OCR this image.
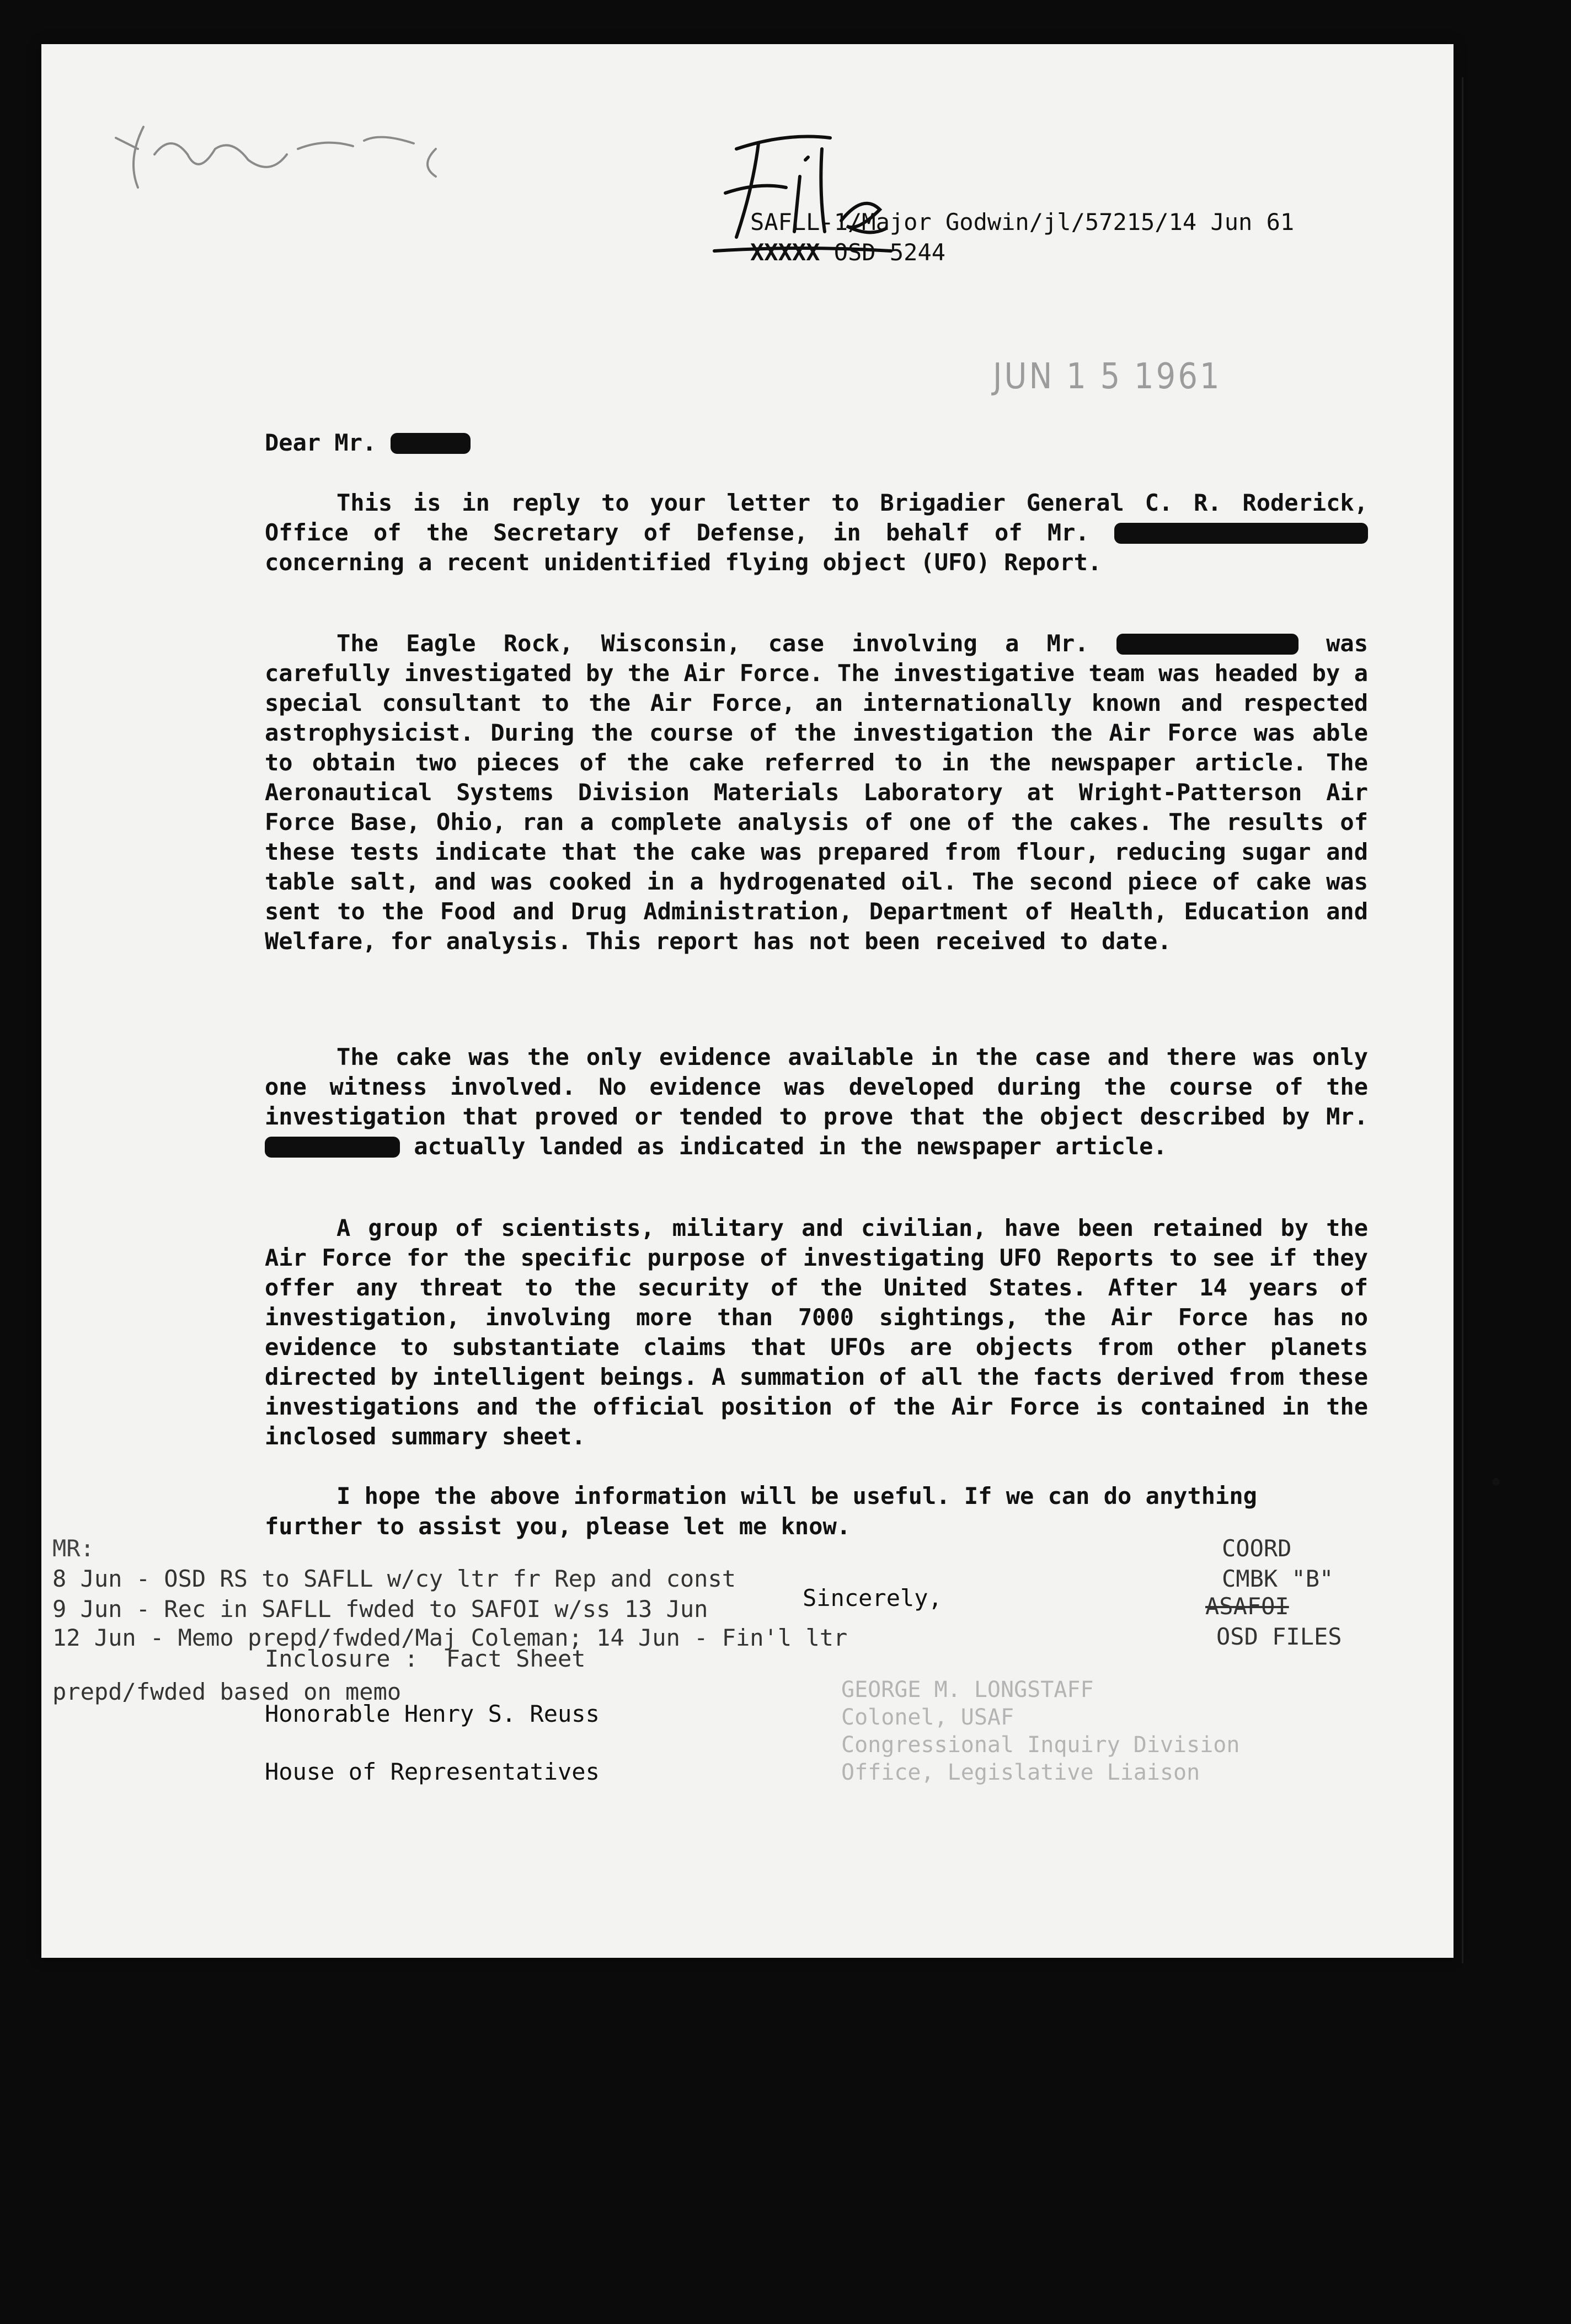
SAFLL-1/Major Godwin/jl/57215/14 Jun 61
XXXXX OSD 5244
JUN 1 5 1961
Dear Mr.
This is in reply to your letter to Brigadier General C. R. Roderick, Office of the Secretary of Defense, in behalf of Mr.  concerning a recent unidentified flying object (UFO) Report.
The Eagle Rock, Wisconsin, case involving a Mr.	was carefully investigated by the Air Force. The investigative team was headed by a special consultant to the Air Force, an internationally known and respected astrophysicist. During the course of the investigation the Air Force was able to obtain two pieces of the cake referred to in the newspaper article. The Aeronautical Systems Division Materials Laboratory at Wright-Patterson Air Force Base, Ohio, ran a complete analysis of one of the cakes. The results of these tests indicate that the cake was prepared from flour, reducing sugar and table salt, and was cooked in a hydrogenated oil. The second piece of cake was sent to the Food and Drug Administration, Department of Health, Education and Welfare, for analysis. This report has not been received to date.
The cake was the only evidence available in the case and there was only one witness involved. No evidence was developed during the course of the investigation that proved or tended to prove that the object described by Mr.  actually landed as indicated in the newspaper article.
A group of scientists, military and civilian, have been retained by the Air Force for the specific purpose of investigating UFO Reports to see if they offer any threat to the security of the United States. After 14 years of investigation, involving more than 7000 sightings, the Air Force has no evidence to substantiate claims that UFOs are objects from other planets directed by intelligent beings. A summation of all the facts derived from these investigations and the official position of the Air Force is contained in the inclosed summary sheet.
I hope the above information will be useful. If we can do anything
further to assist you, please let me know.
MR:
8 Jun - OSD RS to SAFLL w/cy ltr fr Rep and const
9 Jun - Rec in SAFLL fwded to SAFOI w/ss 13 Jun	Sincerely,
12 Jun - Memo prepd/fwded/Maj Coleman; 14 Jun - Fin'l ltr
Inclosure :  Fact Sheet
prepd/fwded based on memo
Honorable Henry S. Reuss
House of Representatives
GEORGE M. LONGSTAFF
Colonel, USAF
Congressional Inquiry Division
Office, Legislative Liaison
COORD
CMBK "B"
ASAFOI
OSD FILES
